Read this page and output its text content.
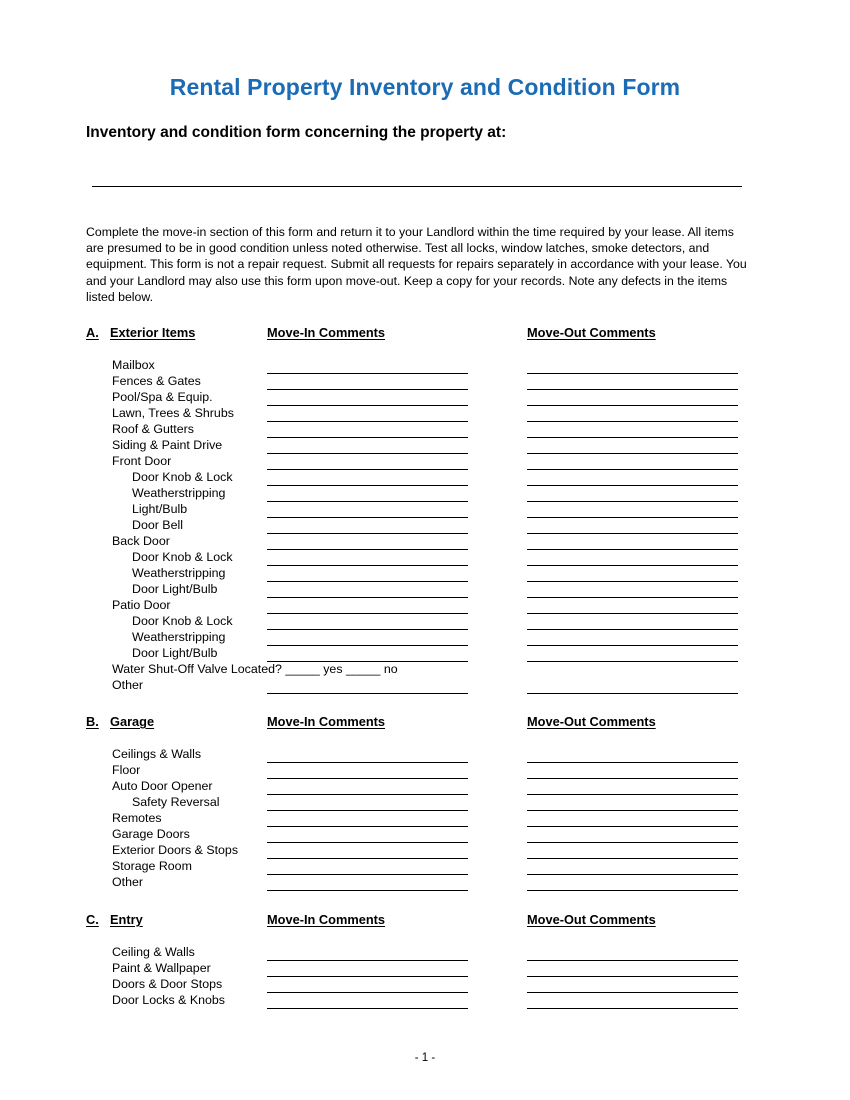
Rental Property Inventory and Condition Form
Inventory and condition form concerning the property at:
Complete the move-in section of this form and return it to your Landlord within the time required by your lease. All items are presumed to be in good condition unless noted otherwise. Test all locks, window latches, smoke detectors, and equipment. This form is not a repair request. Submit all requests for repairs separately in accordance with your lease. You and your Landlord may also use this form upon move-out. Keep a copy for your records. Note any defects in the items listed below.
A. Exterior Items	Move-In Comments	Move-Out Comments
Mailbox
Fences & Gates
Pool/Spa & Equip.
Lawn, Trees & Shrubs
Roof & Gutters
Siding & Paint Drive
Front Door
Door Knob & Lock
Weatherstripping
Light/Bulb
Door Bell
Back Door
Door Knob & Lock
Weatherstripping
Door Light/Bulb
Patio Door
Door Knob & Lock
Weatherstripping
Door Light/Bulb
Water Shut-Off Valve Located? _____ yes _____ no
Other
B. Garage	Move-In Comments	Move-Out Comments
Ceilings & Walls
Floor
Auto Door Opener
Safety Reversal
Remotes
Garage Doors
Exterior Doors & Stops
Storage Room
Other
C. Entry	Move-In Comments	Move-Out Comments
Ceiling & Walls
Paint & Wallpaper
Doors & Door Stops
Door Locks & Knobs
- 1 -
